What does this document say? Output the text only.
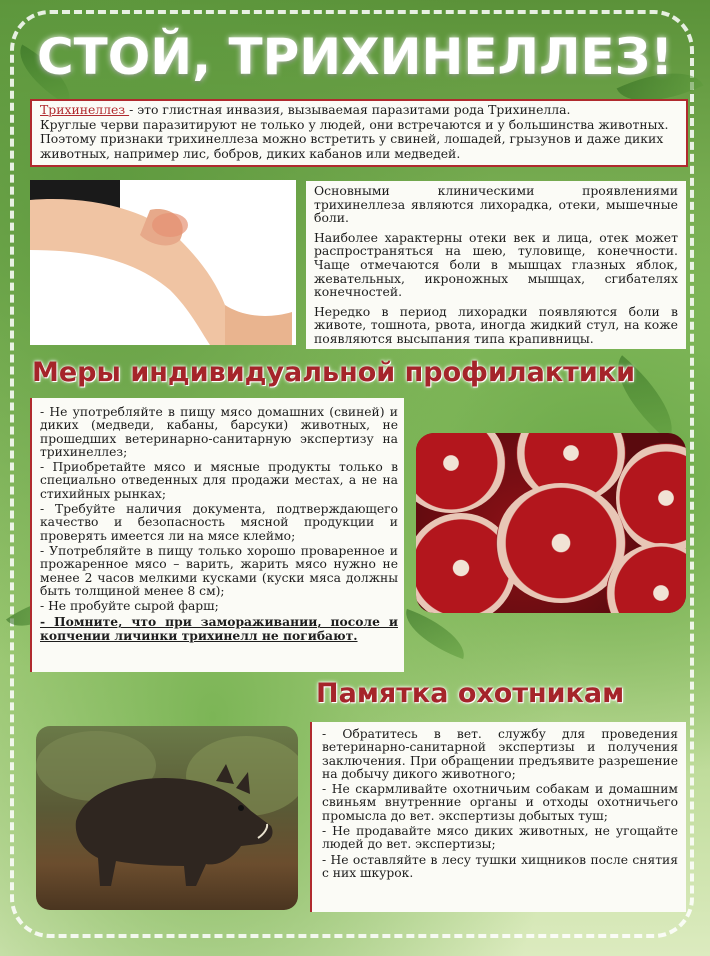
СТОЙ, ТРИХИНЕЛЛЕЗ!
Трихинеллез - это глистная инвазия, вызываемая паразитами рода Трихинелла.
Круглые черви паразитируют не только у людей, они встречаются и у большинства животных. Поэтому признаки трихинеллеза можно встретить у свиней, лошадей, грызунов и даже диких животных, например лис, бобров, диких кабанов или медведей.

Основными клиническими проявлениями трихинеллеза являются лихорадка, отеки, мышечные боли.

Наиболее характерны отеки век и лица, отек может распространяться на шею, туловище, конечности. Чаще отмечаются боли в мышцах глазных яблок, жевательных, икроножных мышцах, сгибателях конечностей.

Нередко в период лихорадки появляются боли в животе, тошнота, рвота, иногда жидкий стул, на коже появляются высыпания типа крапивницы.

Меры индивидуальной профилактики

- Не употребляйте в пищу мясо домашних (свиней) и диких (медведи, кабаны, барсуки) животных, не прошедших ветеринарно-санитарную экспертизу на трихинеллез;

- Приобретайте мясо и мясные продукты только в специально отведенных для продажи местах, а не на стихийных рынках;

- Требуйте наличия документа, подтверждающего качество и безопасность мясной продукции и проверять имеется ли на мясе клеймо;

- Употребляйте в пищу только хорошо проваренное и прожаренное мясо – варить, жарить мясо нужно не менее 2 часов мелкими кусками (куски мяса должны быть толщиной менее 8 см);

- Не пробуйте сырой фарш;

- Помните, что при замораживании, посоле и копчении личинки трихинелл не погибают.

Памятка охотникам

- Обратитесь в вет. службу для проведения ветеринарно-санитарной экспертизы и получения заключения. При обращении предъявите разрешение на добычу дикого животного;

- Не скармливайте охотничьим собакам и домашним свиньям внутренние органы и отходы охотничьего промысла до вет. экспертизы добытых туш;

- Не продавайте мясо диких животных, не угощайте людей до вет. экспертизы;

- Не оставляйте в лесу тушки хищников после снятия с них шкурок.
